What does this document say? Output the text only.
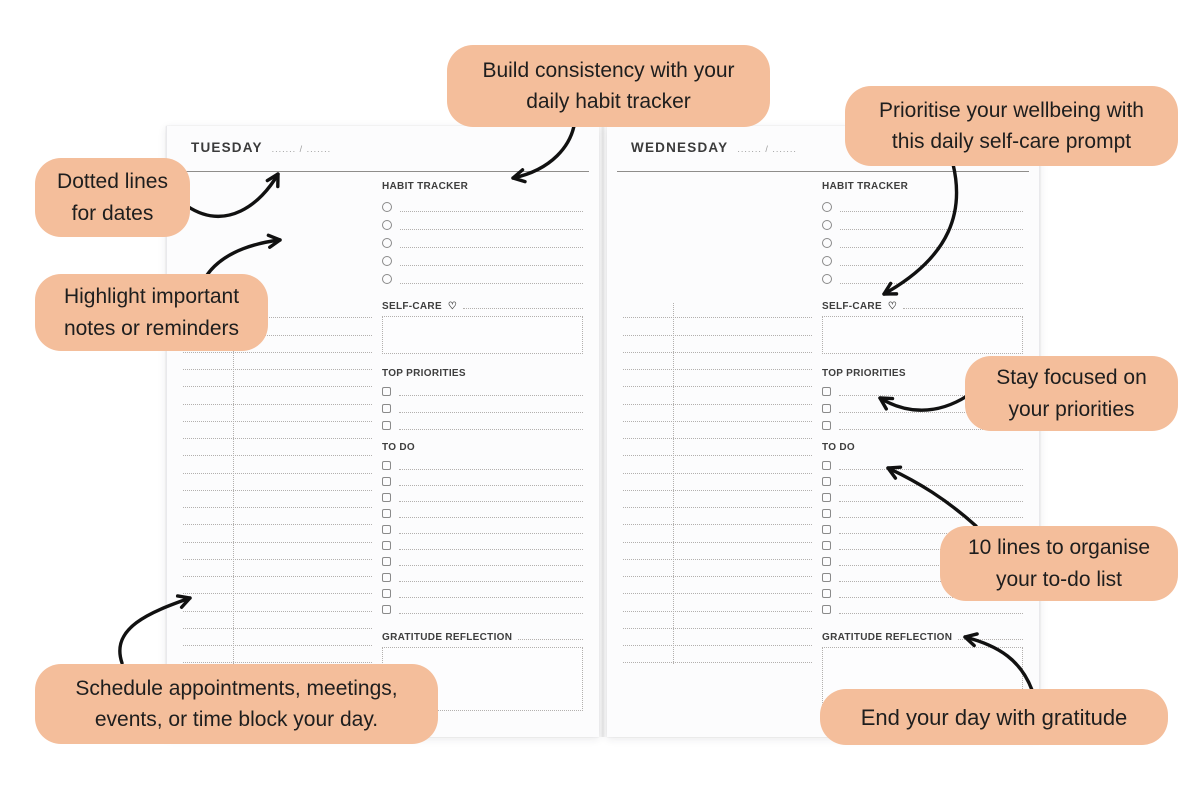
TUESDAY ....... / .......
HABIT TRACKER
SELF-CARE ♡
TOP PRIORITIES
TO DO
GRATITUDE REFLECTION
WEDNESDAY ....... / .......
HABIT TRACKER
SELF-CARE ♡
TOP PRIORITIES
TO DO
GRATITUDE REFLECTION
Build consistency with your daily habit tracker	Prioritise your wellbeing with this daily self-care prompt
Dotted lines for dates
Highlight important notes or reminders
Stay focused on your priorities
10 lines to organise your to-do list
Schedule appointments, meetings, events, or time block your day.	End your day with gratitude
